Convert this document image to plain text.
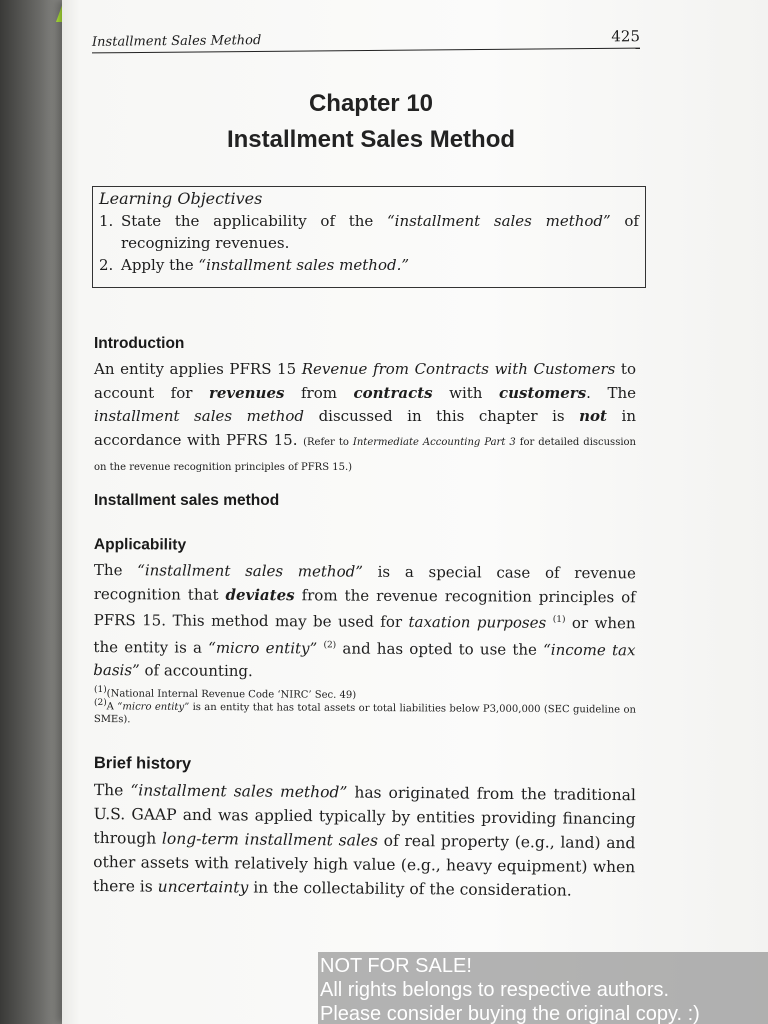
Installment Sales Method	425
Chapter 10
Installment Sales Method
Learning Objectives
1. State the applicability of the “installment sales method” of recognizing revenues.
2. Apply the “installment sales method.”
Introduction
An entity applies PFRS 15 Revenue from Contracts with Customers to account for revenues from contracts with customers. The installment sales method discussed in this chapter is not in accordance with PFRS 15. (Refer to Intermediate Accounting Part 3 for detailed discussion on the revenue recognition principles of PFRS 15.)
Installment sales method
Applicability
The “installment sales method” is a special case of revenue recognition that deviates from the revenue recognition principles of PFRS 15. This method may be used for taxation purposes $^{(1)}$ or when the entity is a “micro entity” $^{(2)}$ and has opted to use the “income tax basis” of accounting.
(1)(National Internal Revenue Code ‘NIRC’ Sec. 49)
(2)A “micro entity” is an entity that has total assets or total liabilities below P3,000,000 (SEC guideline on SMEs).
Brief history
The “installment sales method” has originated from the traditional U.S. GAAP and was applied typically by entities providing financing through long-term installment sales of real property (e.g., land) and other assets with relatively high value (e.g., heavy equipment) when there is uncertainty in the collectability of the consideration.
NOT FOR SALE!
All rights belongs to respective authors.
Please consider buying the original copy. :)
